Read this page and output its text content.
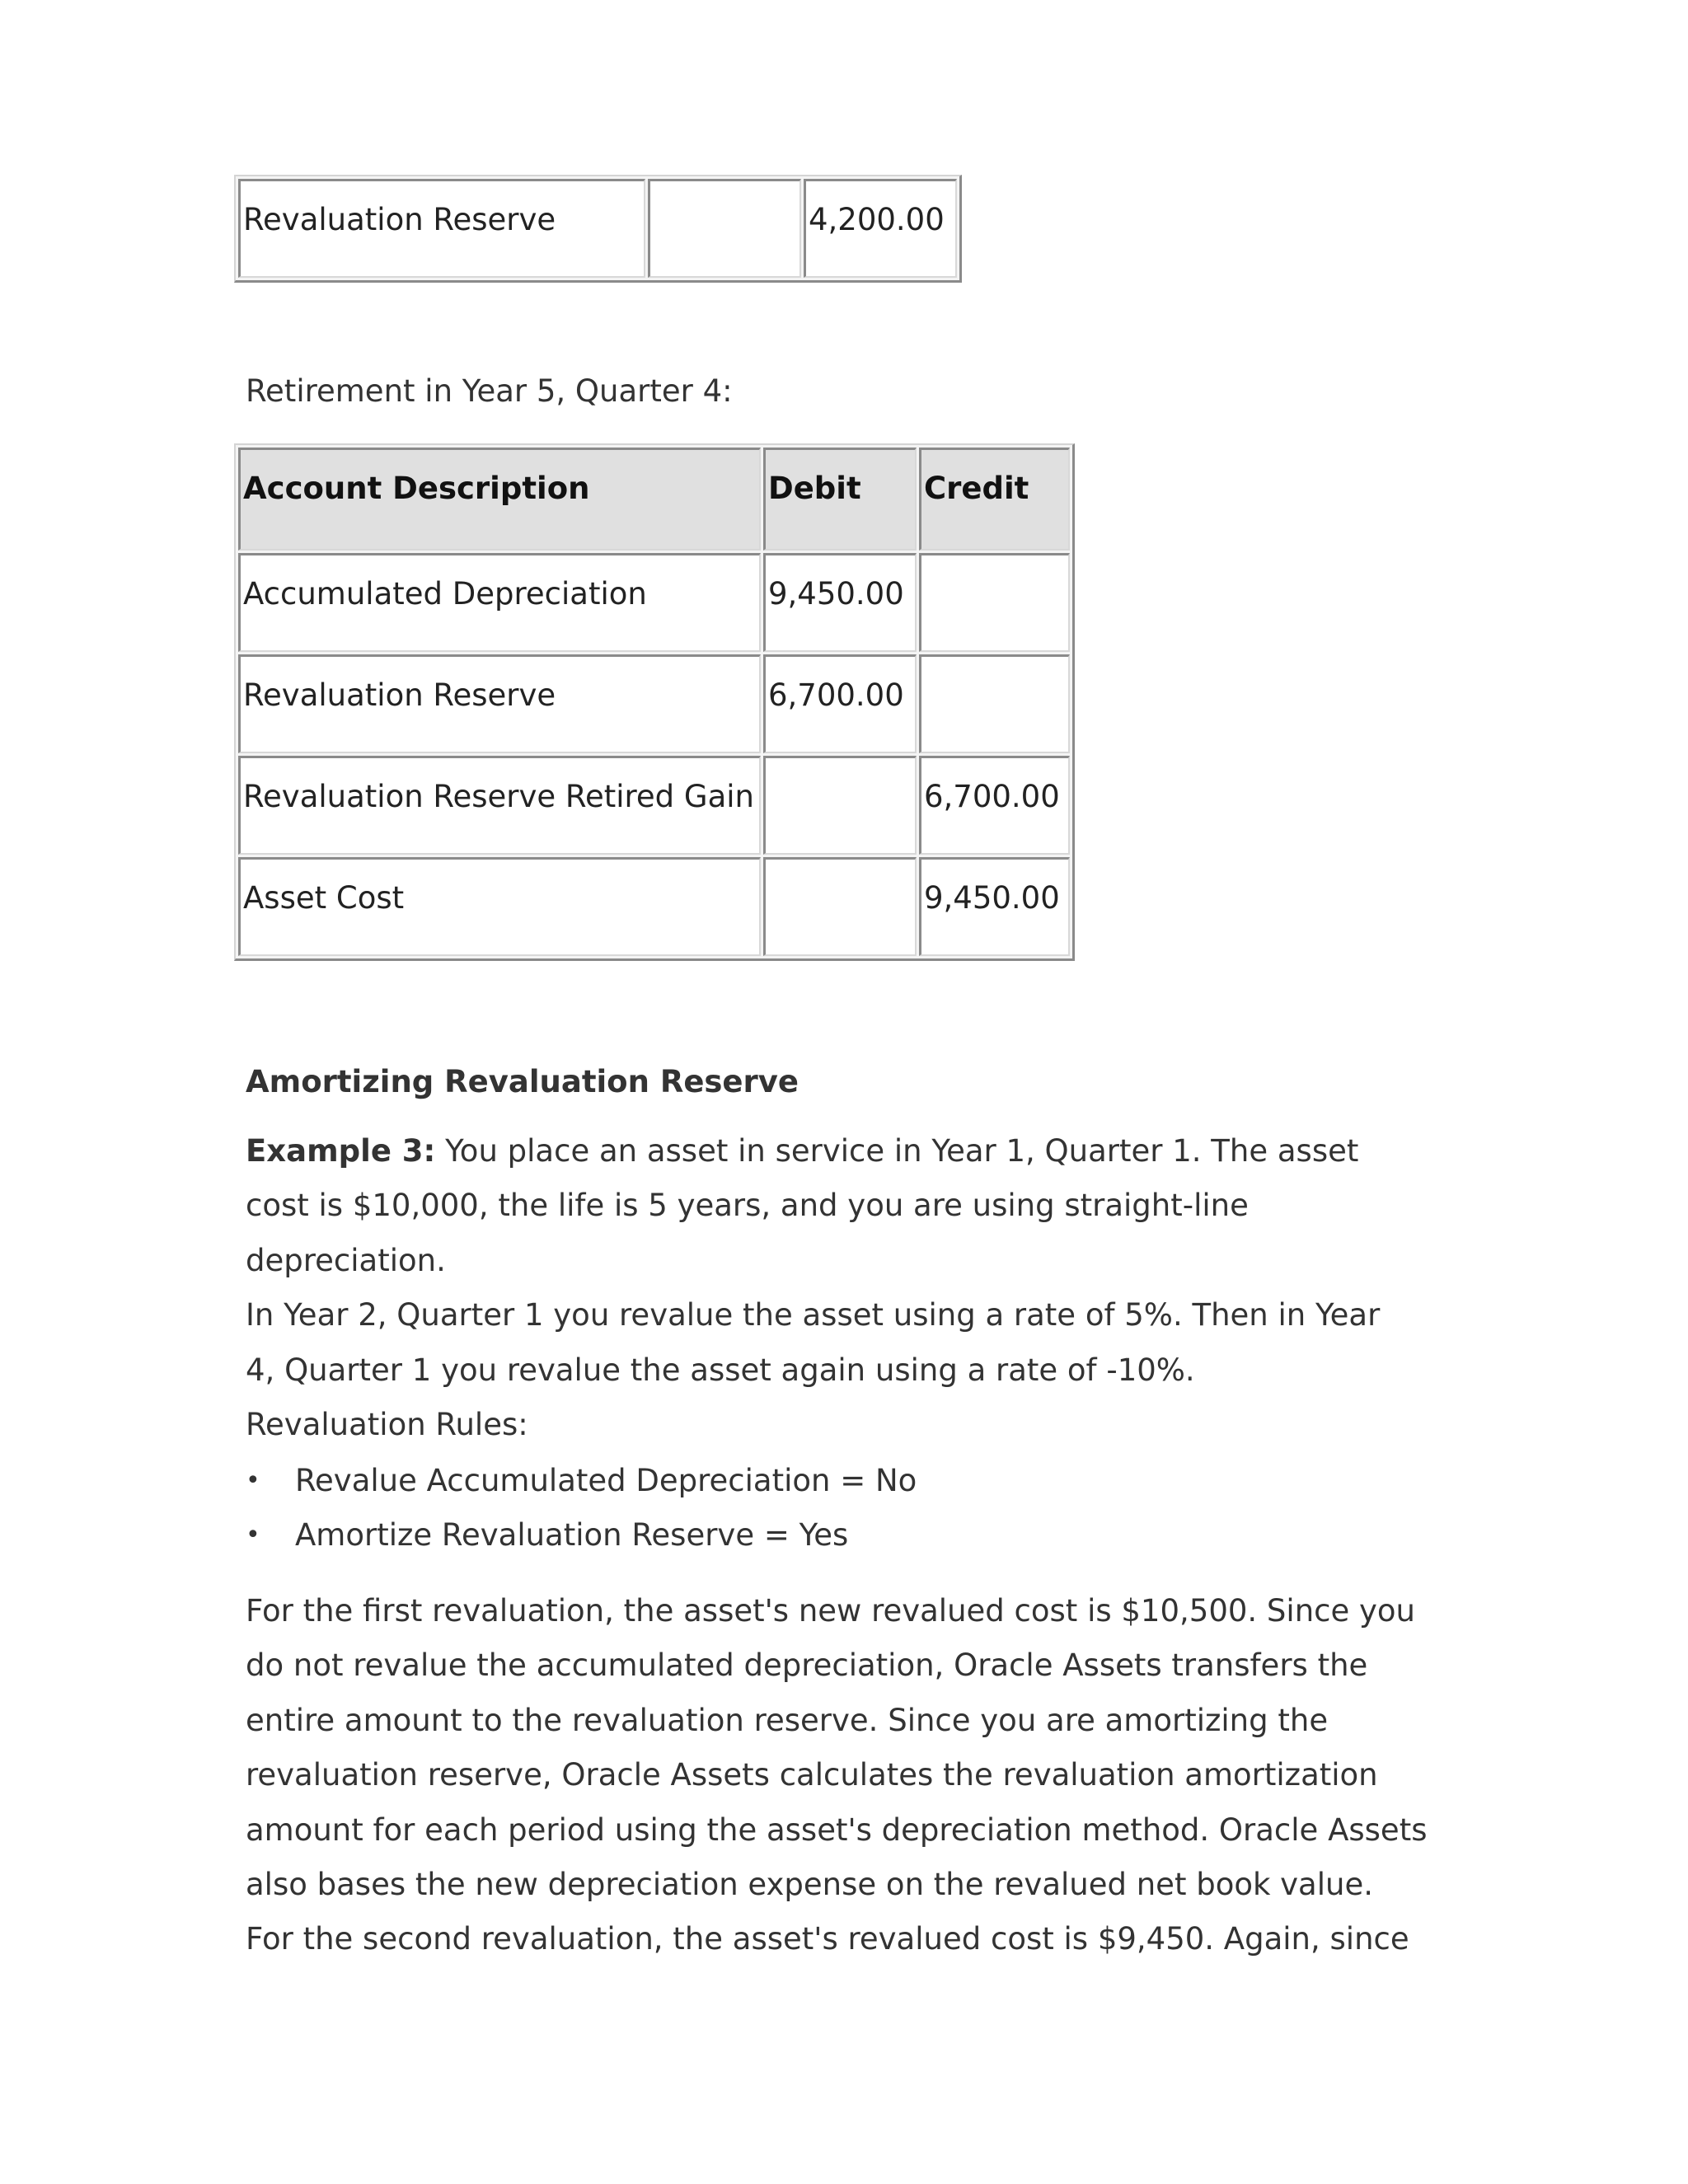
Revaluation Reserve		4,200.00

Retirement in Year 5, Quarter 4:

Account Description	Debit	Credit
Accumulated Depreciation	9,450.00	
Revaluation Reserve	6,700.00	
Revaluation Reserve Retired Gain		6,700.00
Asset Cost		9,450.00

Amortizing Revaluation Reserve

Example 3: You place an asset in service in Year 1, Quarter 1. The asset
cost is $10,000, the life is 5 years, and you are using straight-line
depreciation.
In Year 2, Quarter 1 you revalue the asset using a rate of 5%. Then in Year
4, Quarter 1 you revalue the asset again using a rate of -10%.
Revaluation Rules:
• Revalue Accumulated Depreciation = No
• Amortize Revaluation Reserve = Yes
For the first revaluation, the asset's new revalued cost is $10,500. Since you
do not revalue the accumulated depreciation, Oracle Assets transfers the
entire amount to the revaluation reserve. Since you are amortizing the
revaluation reserve, Oracle Assets calculates the revaluation amortization
amount for each period using the asset's depreciation method. Oracle Assets
also bases the new depreciation expense on the revalued net book value.
For the second revaluation, the asset's revalued cost is $9,450. Again, since
